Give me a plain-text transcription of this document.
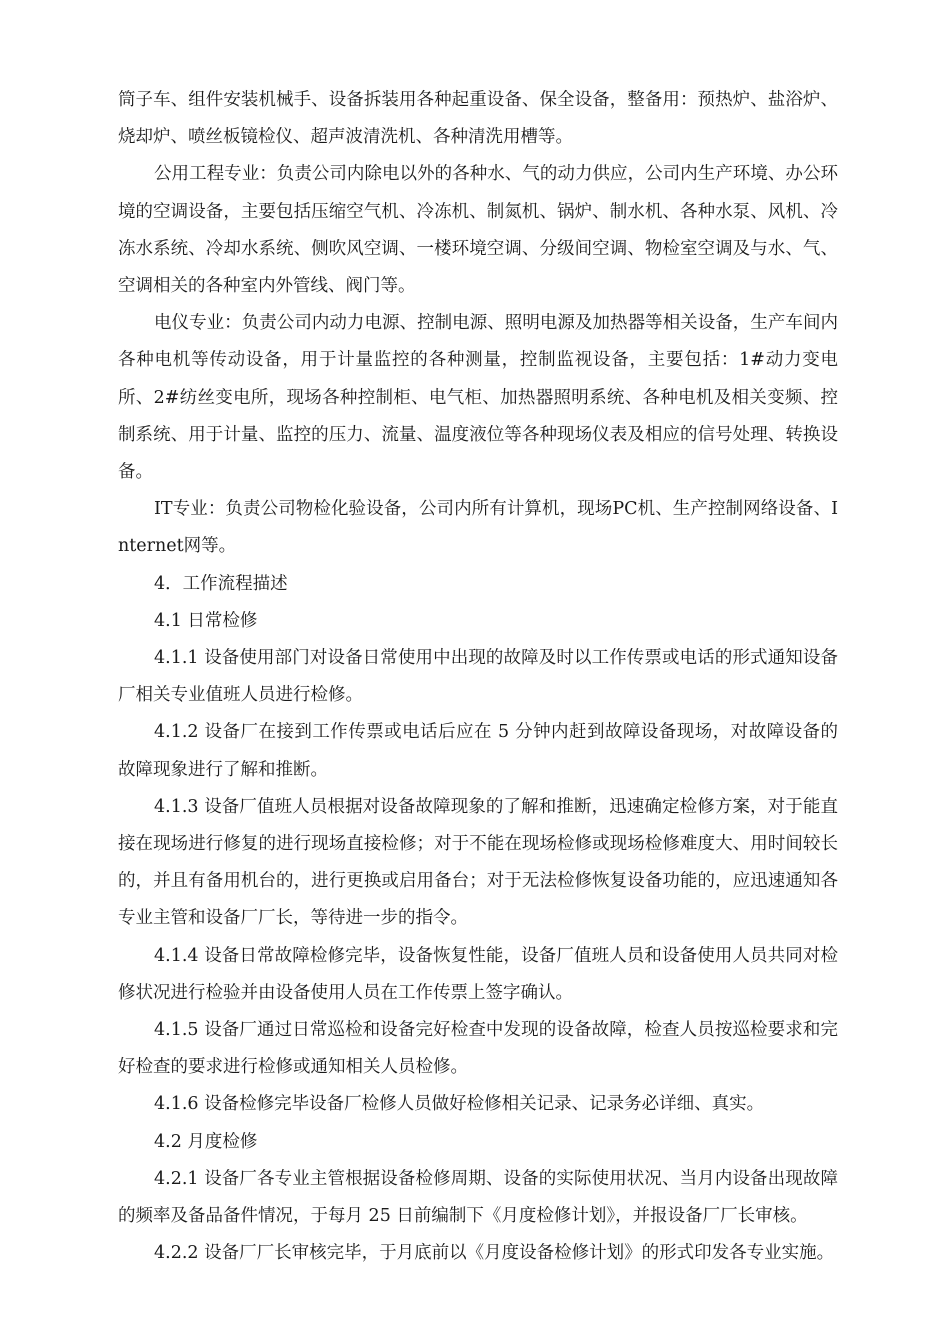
筒子车、组件安装机械手、设备拆装用各种起重设备、保全设备，整备用：预热炉、盐浴炉、烧却炉、喷丝板镜检仪、超声波清洗机、各种清洗用槽等。

公用工程专业：负责公司内除电以外的各种水、气的动力供应，公司内生产环境、办公环境的空调设备，主要包括压缩空气机、冷冻机、制氮机、锅炉、制水机、各种水泵、风机、冷冻水系统、冷却水系统、侧吹风空调、一楼环境空调、分级间空调、物检室空调及与水、气、空调相关的各种室内外管线、阀门等。

电仪专业：负责公司内动力电源、控制电源、照明电源及加热器等相关设备，生产车间内各种电机等传动设备，用于计量监控的各种测量，控制监视设备，主要包括：1#动力变电所、2#纺丝变电所，现场各种控制柜、电气柜、加热器照明系统、各种电机及相关变频、控制系统、用于计量、监控的压力、流量、温度液位等各种现场仪表及相应的信号处理、转换设备。

IT专业：负责公司物检化验设备，公司内所有计算机，现场PC机、生产控制网络设备、Internet网等。

4．工作流程描述

4.1 日常检修

4.1.1 设备使用部门对设备日常使用中出现的故障及时以工作传票或电话的形式通知设备厂相关专业值班人员进行检修。

4.1.2 设备厂在接到工作传票或电话后应在 5 分钟内赶到故障设备现场，对故障设备的故障现象进行了解和推断。

4.1.3 设备厂值班人员根据对设备故障现象的了解和推断，迅速确定检修方案，对于能直接在现场进行修复的进行现场直接检修；对于不能在现场检修或现场检修难度大、用时间较长的，并且有备用机台的，进行更换或启用备台；对于无法检修恢复设备功能的，应迅速通知各专业主管和设备厂厂长，等待进一步的指令。

4.1.4 设备日常故障检修完毕，设备恢复性能，设备厂值班人员和设备使用人员共同对检修状况进行检验并由设备使用人员在工作传票上签字确认。

4.1.5 设备厂通过日常巡检和设备完好检查中发现的设备故障，检查人员按巡检要求和完好检查的要求进行检修或通知相关人员检修。

4.1.6 设备检修完毕设备厂检修人员做好检修相关记录、记录务必详细、真实。

4.2 月度检修

4.2.1 设备厂各专业主管根据设备检修周期、设备的实际使用状况、当月内设备出现故障的频率及备品备件情况，于每月 25 日前编制下《月度检修计划》，并报设备厂厂长审核。

4.2.2 设备厂厂长审核完毕，于月底前以《月度设备检修计划》的形式印发各专业实施。
